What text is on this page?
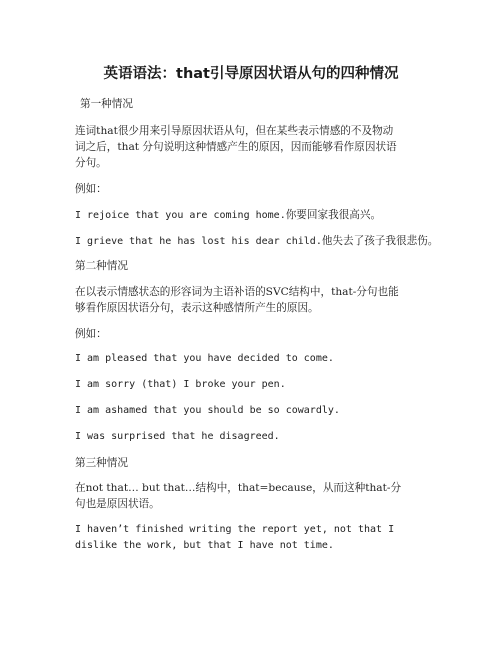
英语语法：that引导原因状语从句的四种情况
第一种情况
连词that很少用来引导原因状语从句，但在某些表示情感的不及物动
词之后，that 分句说明这种情感产生的原因，因而能够看作原因状语
分句。
例如：
I rejoice that you are coming home.你要回家我很高兴。
I grieve that he has lost his dear child.他失去了孩子我很悲伤。
第二种情况
在以表示情感状态的形容词为主语补语的SVC结构中，that-分句也能
够看作原因状语分句，表示这种感情所产生的原因。
例如：
I am pleased that you have decided to come.
I am sorry (that) I broke your pen.
I am ashamed that you should be so cowardly.
I was surprised that he disagreed.
第三种情况
在not that… but that…结构中，that=because，从而这种that-分
句也是原因状语。
I haven’t finished writing the report yet, not that I
dislike the work, but that I have not time.
